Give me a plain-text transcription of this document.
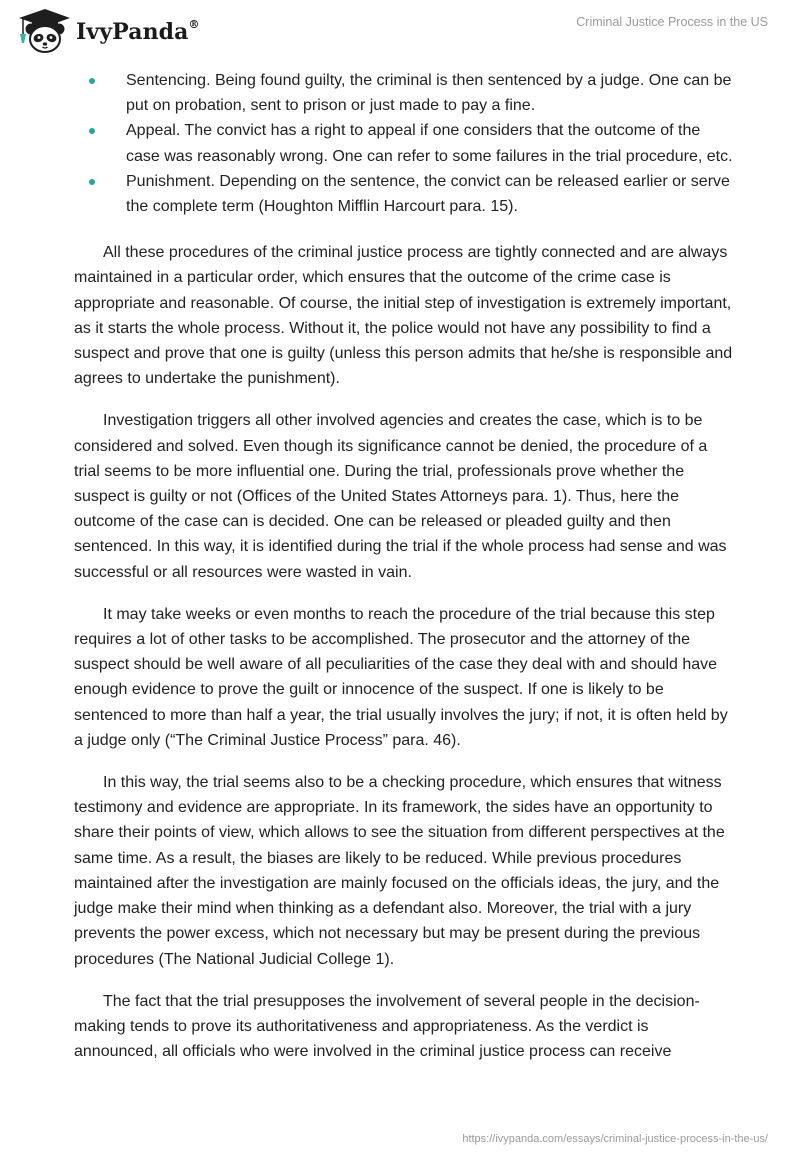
IvyPanda®	Criminal Justice Process in the US
Sentencing. Being found guilty, the criminal is then sentenced by a judge. One can be put on probation, sent to prison or just made to pay a fine.
Appeal. The convict has a right to appeal if one considers that the outcome of the case was reasonably wrong. One can refer to some failures in the trial procedure, etc.
Punishment. Depending on the sentence, the convict can be released earlier or serve the complete term (Houghton Mifflin Harcourt para. 15).

All these procedures of the criminal justice process are tightly connected and are always maintained in a particular order, which ensures that the outcome of the crime case is appropriate and reasonable. Of course, the initial step of investigation is extremely important, as it starts the whole process. Without it, the police would not have any possibility to find a suspect and prove that one is guilty (unless this person admits that he/she is responsible and agrees to undertake the punishment).

Investigation triggers all other involved agencies and creates the case, which is to be considered and solved. Even though its significance cannot be denied, the procedure of a trial seems to be more influential one. During the trial, professionals prove whether the suspect is guilty or not (Offices of the United States Attorneys para. 1). Thus, here the outcome of the case can is decided. One can be released or pleaded guilty and then sentenced. In this way, it is identified during the trial if the whole process had sense and was successful or all resources were wasted in vain.

It may take weeks or even months to reach the procedure of the trial because this step requires a lot of other tasks to be accomplished. The prosecutor and the attorney of the suspect should be well aware of all peculiarities of the case they deal with and should have enough evidence to prove the guilt or innocence of the suspect. If one is likely to be sentenced to more than half a year, the trial usually involves the jury; if not, it is often held by a judge only (“The Criminal Justice Process” para. 46).

In this way, the trial seems also to be a checking procedure, which ensures that witness testimony and evidence are appropriate. In its framework, the sides have an opportunity to share their points of view, which allows to see the situation from different perspectives at the same time. As a result, the biases are likely to be reduced. While previous procedures maintained after the investigation are mainly focused on the officials ideas, the jury, and the judge make their mind when thinking as a defendant also. Moreover, the trial with a jury prevents the power excess, which not necessary but may be present during the previous procedures (The National Judicial College 1).

The fact that the trial presupposes the involvement of several people in the decision-making tends to prove its authoritativeness and appropriateness. As the verdict is announced, all officials who were involved in the criminal justice process can receive

https://ivypanda.com/essays/criminal-justice-process-in-the-us/
